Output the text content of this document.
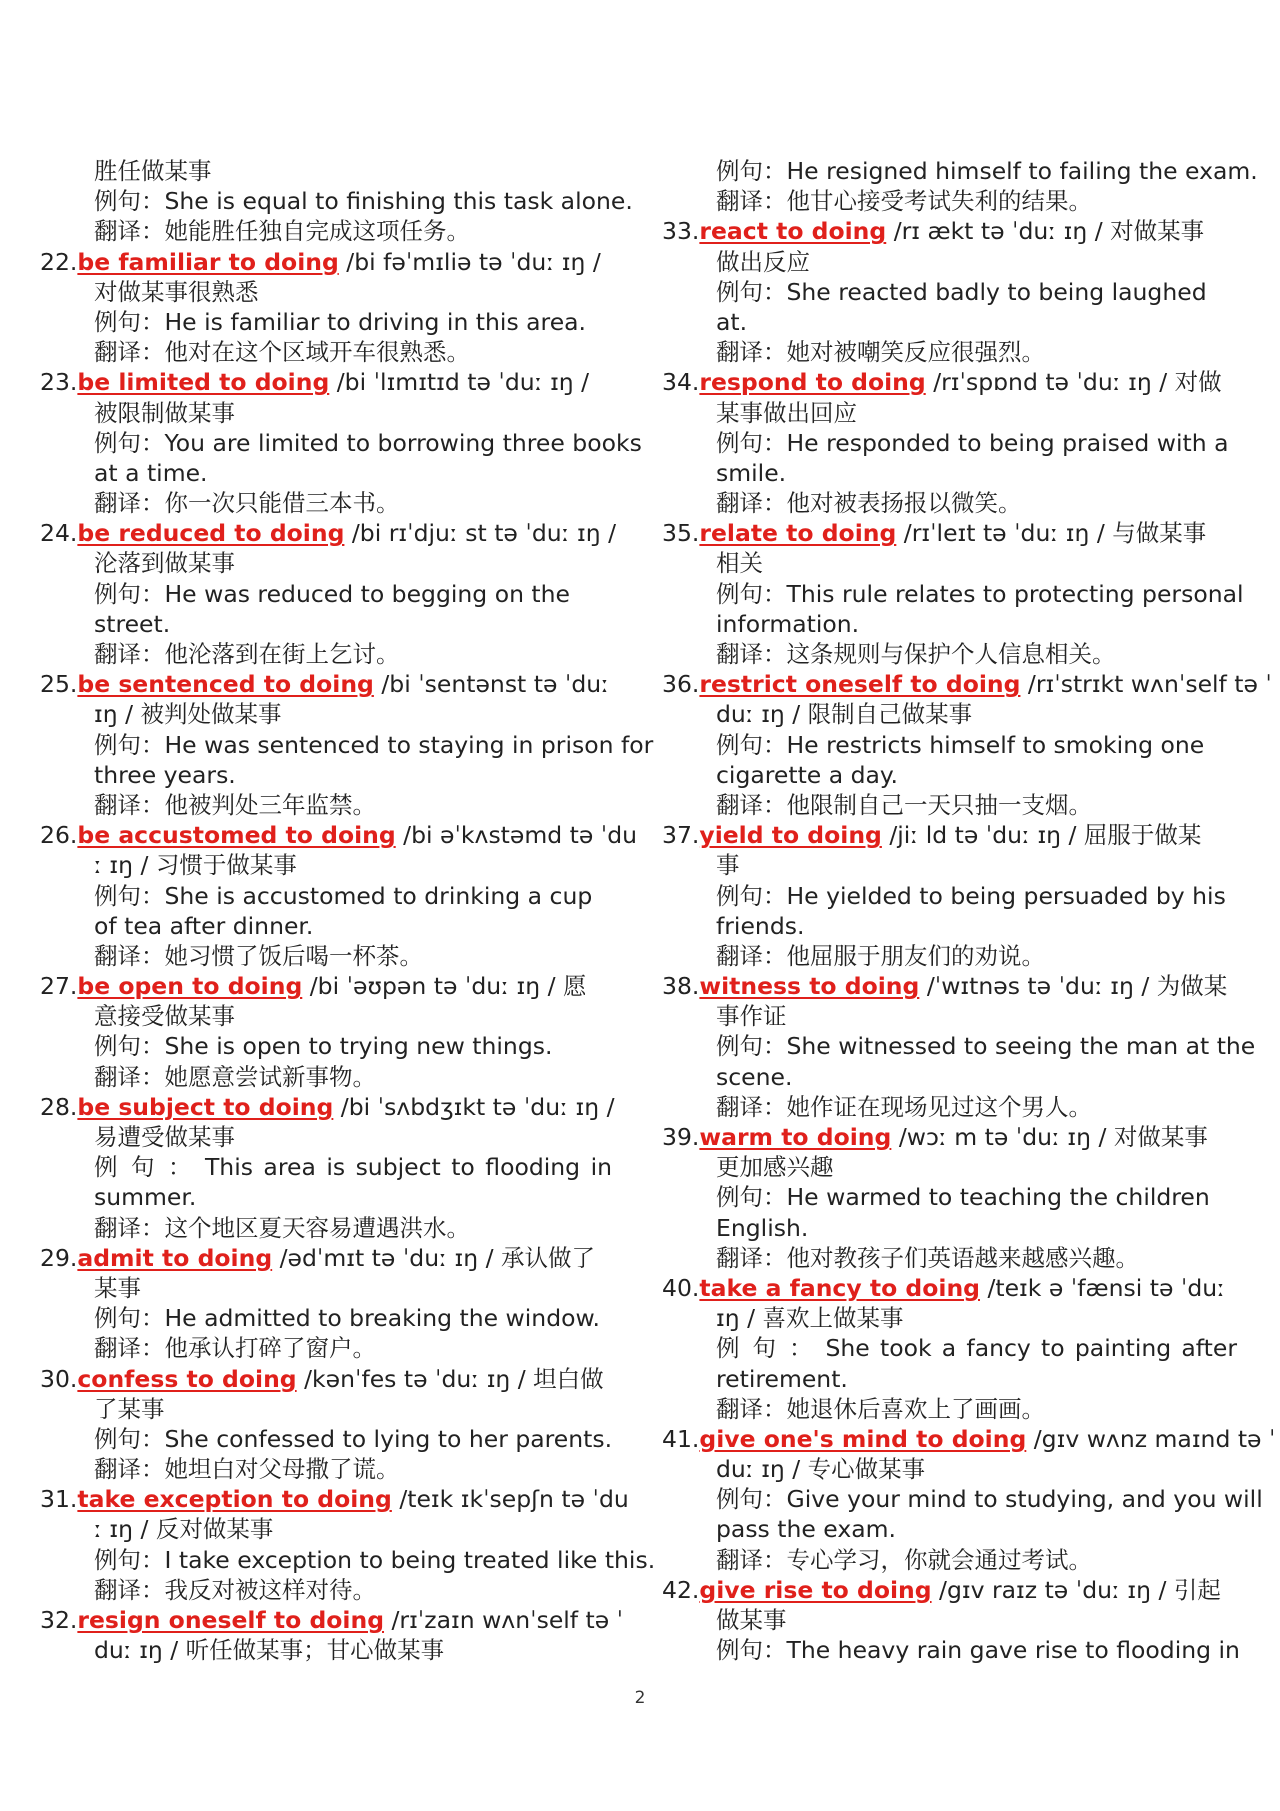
胜任做某事
例句：She is equal to finishing this task alone.
翻译：她能胜任独自完成这项任务。
22.be familiar to doing /bi fəˈmɪliə tə ˈduː ɪŋ /
对做某事很熟悉
例句：He is familiar to driving in this area.
翻译：他对在这个区域开车很熟悉。
23.be limited to doing /bi ˈlɪmɪtɪd tə ˈduː ɪŋ /
被限制做某事
例句：You are limited to borrowing three books
at a time.
翻译：你一次只能借三本书。
24.be reduced to doing /bi rɪˈdjuː st tə ˈduː ɪŋ /
沦落到做某事
例句：He was reduced to begging on the
street.
翻译：他沦落到在街上乞讨。
25.be sentenced to doing /bi ˈsentənst tə ˈduː
ɪŋ / 被判处做某事
例句：He was sentenced to staying in prison for
three years.
翻译：他被判处三年监禁。
26.be accustomed to doing /bi əˈkʌstəmd tə ˈdu
ː ɪŋ / 习惯于做某事
例句：She is accustomed to drinking a cup
of tea after dinner.
翻译：她习惯了饭后喝一杯茶。
27.be open to doing /bi ˈəʊpən tə ˈduː ɪŋ / 愿
意接受做某事
例句：She is open to trying new things.
翻译：她愿意尝试新事物。
28.be subject to doing /bi ˈsʌbdʒɪkt tə ˈduː ɪŋ /
易遭受做某事
例 句 ： This area is subject to flooding in
summer.
翻译：这个地区夏天容易遭遇洪水。
29.admit to doing /ədˈmɪt tə ˈduː ɪŋ / 承认做了
某事
例句：He admitted to breaking the window.
翻译：他承认打碎了窗户。
30.confess to doing /kənˈfes tə ˈduː ɪŋ / 坦白做
了某事
例句：She confessed to lying to her parents.
翻译：她坦白对父母撒了谎。
31.take exception to doing /teɪk ɪkˈsepʃn tə ˈdu
ː ɪŋ / 反对做某事
例句：I take exception to being treated like this.
翻译：我反对被这样对待。
32.resign oneself to doing /rɪˈzaɪn wʌnˈself tə ˈ
duː ɪŋ / 听任做某事；甘心做某事
例句：He resigned himself to failing the exam.
翻译：他甘心接受考试失利的结果。
33.react to doing /rɪ ækt tə ˈduː ɪŋ / 对做某事
做出反应
例句：She reacted badly to being laughed
at.
翻译：她对被嘲笑反应很强烈。
34.respond to doing /rɪˈspɒnd tə ˈduː ɪŋ / 对做
某事做出回应
例句：He responded to being praised with a
smile.
翻译：他对被表扬报以微笑。
35.relate to doing /rɪˈleɪt tə ˈduː ɪŋ / 与做某事
相关
例句：This rule relates to protecting personal
information.
翻译：这条规则与保护个人信息相关。
36.restrict oneself to doing /rɪˈstrɪkt wʌnˈself tə ˈ
duː ɪŋ / 限制自己做某事
例句：He restricts himself to smoking one
cigarette a day.
翻译：他限制自己一天只抽一支烟。
37.yield to doing /jiː ld tə ˈduː ɪŋ / 屈服于做某
事
例句：He yielded to being persuaded by his
friends.
翻译：他屈服于朋友们的劝说。
38.witness to doing /ˈwɪtnəs tə ˈduː ɪŋ / 为做某
事作证
例句：She witnessed to seeing the man at the
scene.
翻译：她作证在现场见过这个男人。
39.warm to doing /wɔː m tə ˈduː ɪŋ / 对做某事
更加感兴趣
例句：He warmed to teaching the children
English.
翻译：他对教孩子们英语越来越感兴趣。
40.take a fancy to doing /teɪk ə ˈfænsi tə ˈduː
ɪŋ / 喜欢上做某事
例 句 ： She took a fancy to painting after
retirement.
翻译：她退休后喜欢上了画画。
41.give one's mind to doing /gɪv wʌnz maɪnd tə ˈ
duː ɪŋ / 专心做某事
例句：Give your mind to studying, and you will
pass the exam.
翻译：专心学习，你就会通过考试。
42.give rise to doing /gɪv raɪz tə ˈduː ɪŋ / 引起
做某事
例句：The heavy rain gave rise to flooding in
2
